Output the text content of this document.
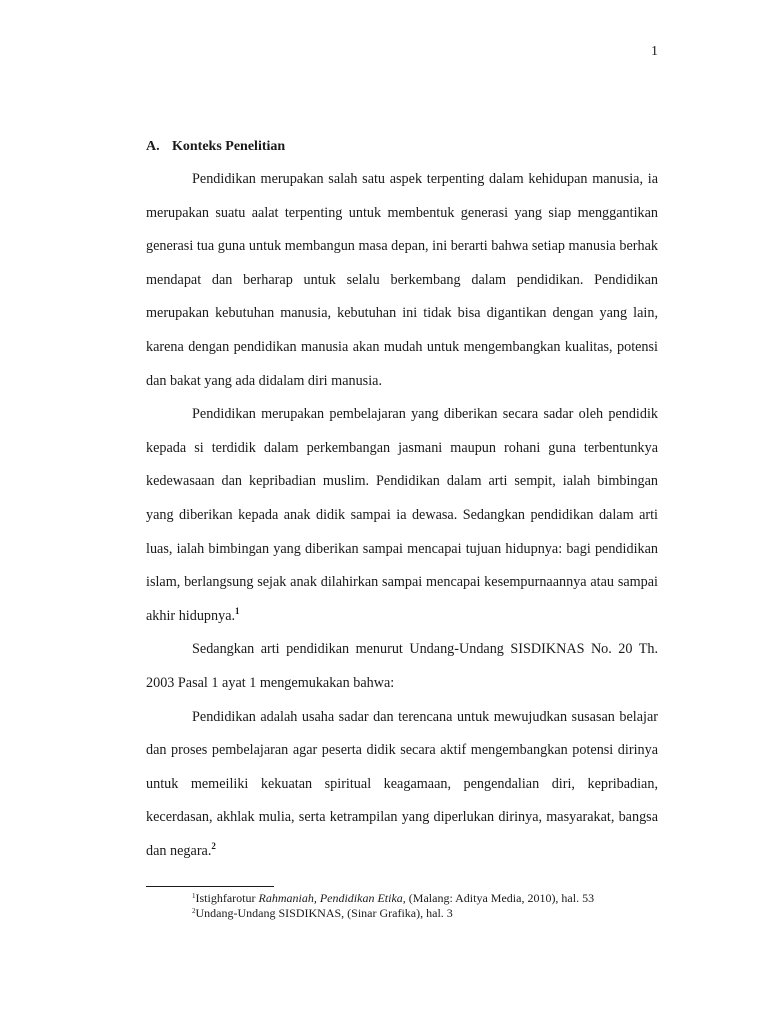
1
A. Konteks Penelitian

Pendidikan merupakan salah satu aspek terpenting dalam kehidupan manusia, ia merupakan suatu aalat terpenting untuk membentuk generasi yang siap menggantikan generasi tua guna untuk membangun masa depan, ini berarti bahwa setiap manusia berhak mendapat dan berharap untuk selalu berkembang dalam pendidikan. Pendidikan merupakan kebutuhan manusia, kebutuhan ini tidak bisa digantikan dengan yang lain, karena dengan pendidikan manusia akan mudah untuk mengembangkan kualitas, potensi dan bakat yang ada didalam diri manusia.

Pendidikan merupakan pembelajaran yang diberikan secara sadar oleh pendidik kepada si terdidik dalam perkembangan jasmani maupun rohani guna terbentunkya kedewasaan dan kepribadian muslim. Pendidikan dalam arti sempit, ialah bimbingan yang diberikan kepada anak didik sampai ia dewasa. Sedangkan pendidikan dalam arti luas, ialah bimbingan yang diberikan sampai mencapai tujuan hidupnya: bagi pendidikan islam, berlangsung sejak anak dilahirkan sampai mencapai kesempurnaannya atau sampai akhir hidupnya.$^1$

Sedangkan arti pendidikan menurut Undang-Undang SISDIKNAS No. 20 Th. 2003 Pasal 1 ayat 1 mengemukakan bahwa:

Pendidikan adalah usaha sadar dan terencana untuk mewujudkan susasan belajar dan proses pembelajaran agar peserta didik secara aktif mengembangkan potensi dirinya untuk memeiliki kekuatan spiritual keagamaan, pengendalian diri, kepribadian, kecerdasan, akhlak mulia, serta ketrampilan yang diperlukan dirinya, masyarakat, bangsa dan negara.$^2$

$^1$Istighfarotur Rahmaniah, Pendidikan Etika, (Malang: Aditya Media, 2010), hal. 53
$^2$Undang-Undang SISDIKNAS, (Sinar Grafika), hal. 3
